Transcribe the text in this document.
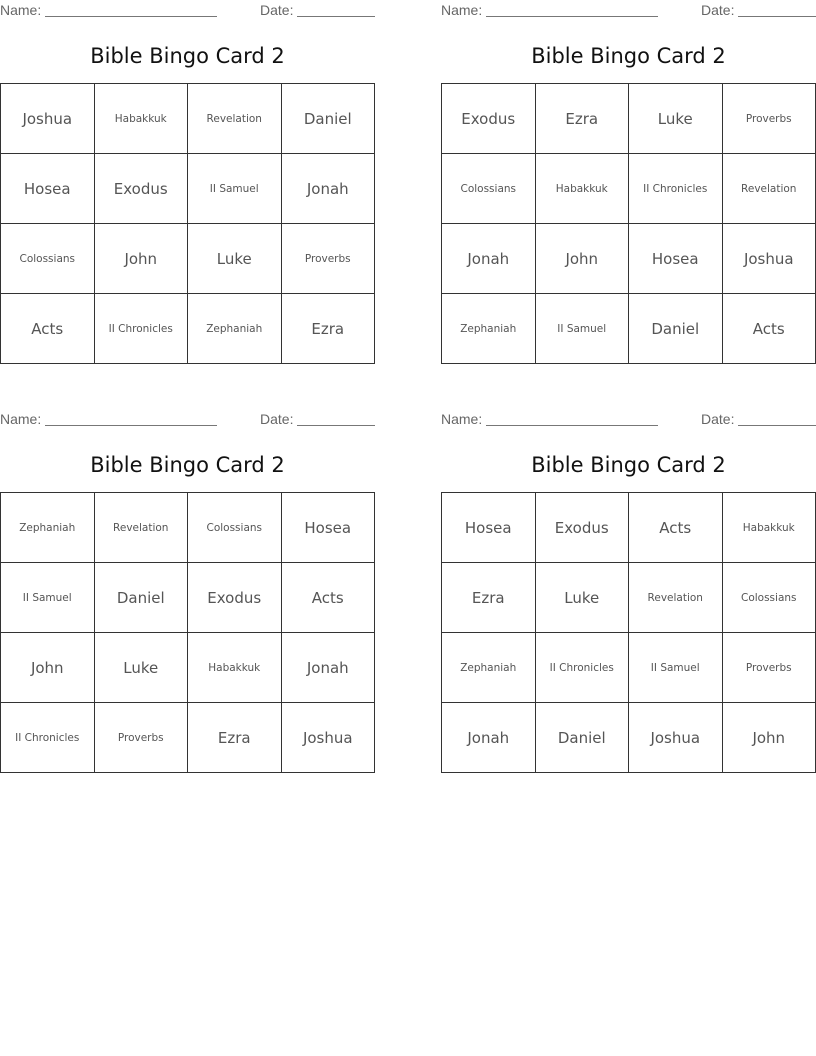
Name:	Date:
Bible Bingo Card 2
Joshua	Habakkuk	Revelation	Daniel
Hosea	Exodus	II Samuel	Jonah
Colossians	John	Luke	Proverbs
Acts	II Chronicles	Zephaniah	Ezra
Name:	Date:
Bible Bingo Card 2
Exodus	Ezra	Luke	Proverbs
Colossians	Habakkuk	II Chronicles	Revelation
Jonah	John	Hosea	Joshua
Zephaniah	II Samuel	Daniel	Acts
Name:	Date:
Bible Bingo Card 2
Zephaniah	Revelation	Colossians	Hosea
II Samuel	Daniel	Exodus	Acts
John	Luke	Habakkuk	Jonah
II Chronicles	Proverbs	Ezra	Joshua
Name:	Date:
Bible Bingo Card 2
Hosea	Exodus	Acts	Habakkuk
Ezra	Luke	Revelation	Colossians
Zephaniah	II Chronicles	II Samuel	Proverbs
Jonah	Daniel	Joshua	John
